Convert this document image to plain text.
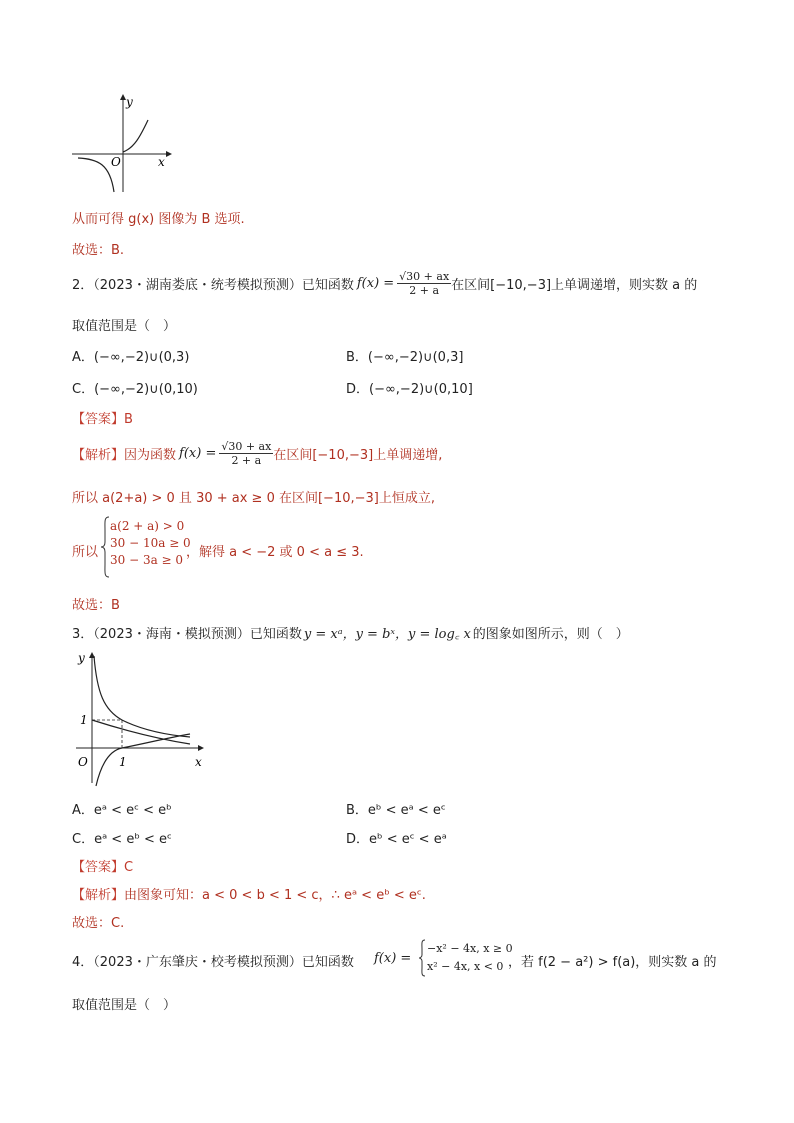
y
x
O
从而可得 g(x) 图像为 B 选项.
故选：B.
2．（2023・湖南娄底・统考模拟预测）已知函数 $f(x) = \frac{√30 + ax}{2 + a}$ 在区间[−10,−3]上单调递增，则实数 a 的
取值范围是（　）
A．(−∞,−2)∪(0,3)	B．(−∞,−2)∪(0,3]
C．(−∞,−2)∪(0,10)	D．(−∞,−2)∪(0,10]
【答案】B
【解析】 因为函数 $f(x) = \frac{√30 + ax}{2 + a}$ 在区间[−10,−3]上单调递增,
所以 a(2+a) > 0 且 30 + ax ≥ 0 在区间[−10,−3]上恒成立,
所以
a(2 + a) > 0
30 − 10a ≥ 0
30 − 3a ≥ 0 ，解得 a < −2 或 0 < a ≤ 3.
故选：B
3．（2023・海南・模拟预测）已知函数 y = xᵃ，y = bˣ，y = log꜀ x 的图象如图所示，则（　）
y
x
O
1
1
A．eᵃ < eᶜ < eᵇ	B．eᵇ < eᵃ < eᶜ
C．eᵃ < eᵇ < eᶜ	D．eᵇ < eᶜ < eᵃ
【答案】C
【解析】 由图象可知：a < 0 < b < 1 < c，∴ eᵃ < eᵇ < eᶜ.
故选：C.
4．（2023・广东肇庆・校考模拟预测）已知函数 f(x) =
−x² − 4x, x ≥ 0
x² − 4x, x < 0 ，若 f(2 − a²) > f(a)，则实数 a 的
取值范围是（　）
